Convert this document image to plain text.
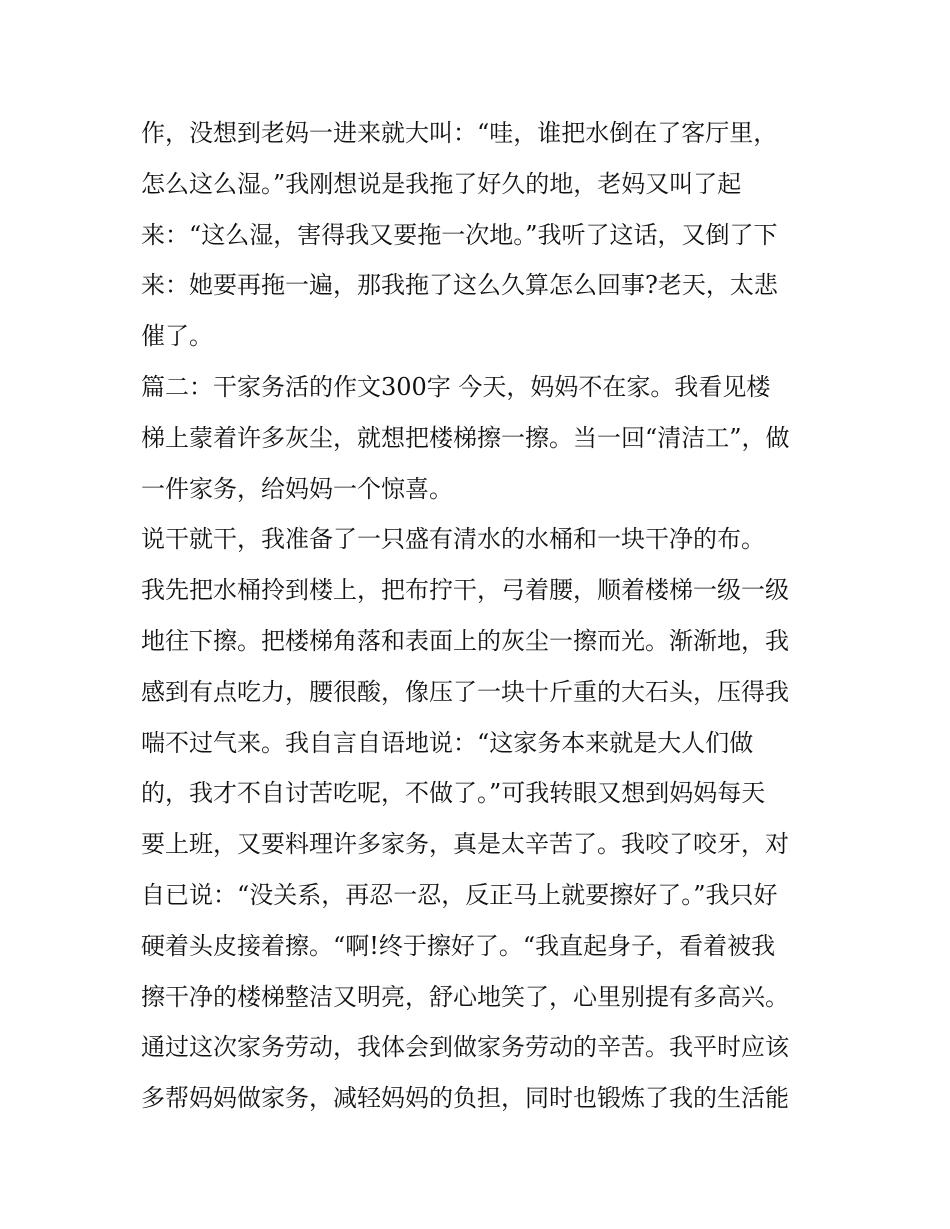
作，没想到老妈一进来就大叫：“哇，谁把水倒在了客厅里，
怎么这么湿。”我刚想说是我拖了好久的地，老妈又叫了起
来：“这么湿，害得我又要拖一次地。”我听了这话，又倒了下
来：她要再拖一遍，那我拖了这么久算怎么回事?老天，太悲
催了。
篇二：干家务活的作文300字 今天，妈妈不在家。我看见楼
梯上蒙着许多灰尘，就想把楼梯擦一擦。当一回“清洁工”，做
一件家务，给妈妈一个惊喜。
说干就干，我准备了一只盛有清水的水桶和一块干净的布。
我先把水桶拎到楼上，把布拧干，弓着腰，顺着楼梯一级一级
地往下擦。把楼梯角落和表面上的灰尘一擦而光。渐渐地，我
感到有点吃力，腰很酸，像压了一块十斤重的大石头，压得我
喘不过气来。我自言自语地说：“这家务本来就是大人们做
的，我才不自讨苦吃呢，不做了。”可我转眼又想到妈妈每天
要上班，又要料理许多家务，真是太辛苦了。我咬了咬牙，对
自已说：“没关系，再忍一忍，反正马上就要擦好了。”我只好
硬着头皮接着擦。“啊!终于擦好了。“我直起身子，看着被我
擦干净的楼梯整洁又明亮，舒心地笑了，心里别提有多高兴。
通过这次家务劳动，我体会到做家务劳动的辛苦。我平时应该
多帮妈妈做家务，减轻妈妈的负担，同时也锻炼了我的生活能
